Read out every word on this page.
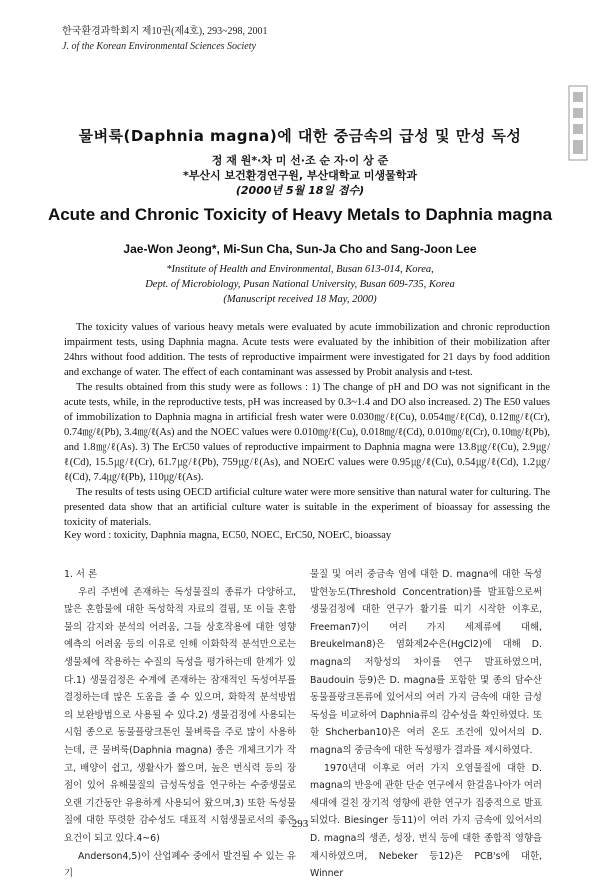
한국환경과학회지 제10권(제4호), 293~298, 2001
J. of the Korean Environmental Sciences Society
물벼룩(Daphnia magna)에 대한 중금속의 급성 및 만성 독성
정 재 원*·차 미 선·조 순 자·이 상 준
*부산시 보건환경연구원, 부산대학교 미생물학과
(2000년 5월 18일 접수)
Acute and Chronic Toxicity of Heavy Metals to Daphnia magna
Jae-Won Jeong*, Mi-Sun Cha, Sun-Ja Cho and Sang-Joon Lee
*Institute of Health and Environmental, Busan 613-014, Korea,
Dept. of Microbiology, Pusan National University, Busan 609-735, Korea
(Manuscript received 18 May, 2000)

The toxicity values of various heavy metals were evaluated by acute immobilization and chronic reproduction impairment tests, using Daphnia magna. Acute tests were evaluated by the inhibition of their mobilization after 24hrs without food addition. The tests of reproductive impairment were investigated for 21 days by food addition and exchange of water. The effect of each contaminant was assessed by Probit analysis and t-test.

The results obtained from this study were as follows : 1) The change of pH and DO was not significant in the acute tests, while, in the reproductive tests, pH was increased by 0.3~1.4 and DO also increased. 2) The E50 values of immobilization to Daphnia magna in artificial fresh water were 0.030㎎/ℓ(Cu), 0.054㎎/ℓ(Cd), 0.12㎎/ℓ(Cr), 0.74㎎/ℓ(Pb), 3.4㎎/ℓ(As) and the NOEC values were 0.010㎎/ℓ(Cu), 0.018㎎/ℓ(Cd), 0.010㎎/ℓ(Cr), 0.10㎎/ℓ(Pb), and 1.8㎎/ℓ(As). 3) The ErC50 values of reproductive impairment to Daphnia magna were 13.8㎍/ℓ(Cu), 2.9㎍/ℓ(Cd), 15.5㎍/ℓ(Cr), 61.7㎍/ℓ(Pb), 759㎍/ℓ(As), and NOErC values were 0.95㎍/ℓ(Cu), 0.54㎍/ℓ(Cd), 1.2㎍/ℓ(Cd), 7.4㎍/ℓ(Pb), 110㎍/ℓ(As).

The results of tests using OECD artificial culture water were more sensitive than natural water for culturing. The presented data show that an artificial culture water is suitable in the experiment of bioassay for assessing the toxicity of materials.

Key word : toxicity, Daphnia magna, EC50, NOEC, ErC50, NOErC, bioassay

1. 서 론

우리 주변에 존재하는 독성물질의 종류가 다양하고, 많은 혼합물에 대한 독성학적 자료의 결핍, 또 이들 혼합물의 감지와 분석의 어려움, 그들 상호작용에 대한 영향 예측의 어려움 등의 이유로 인해 이화학적 분석만으로는 생물체에 작용하는 수질의 독성을 평가하는데 한계가 있다.1) 생물검정은 수계에 존재하는 잠재적인 독성여부를 결정하는데 많은 도움을 줄 수 있으며, 화학적 분석방법의 보완방법으로 사용될 수 있다.2) 생물검정에 사용되는 시험 종으로 동물플랑크톤인 물벼룩을 주로 많이 사용하는데, 큰 물벼룩(Daphnia magna) 종은 개체크기가 작고, 배양이 쉽고, 생활사가 짧으며, 높은 번식력 등의 장점이 있어 유해물질의 급성독성을 연구하는 수중생물로 오랜 기간동안 유용하게 사용되어 왔으며,3) 또한 독성물질에 대한 뚜렷한 감수성도 대표적 시험생물로서의 좋은 요건이 되고 있다.4~6)

Anderson4,5)이 산업폐수 중에서 발견될 수 있는 유기

물질 및 여러 중금속 염에 대한 D. magna에 대한 독성발현농도(Threshold Concentration)를 발표함으로써 생물검정에 대한 연구가 활기를 띠기 시작한 이후로, Freeman7)이 여러 가지 세제류에 대해, Breukelman8)은 염화제2수은(HgCl2)에 대해 D. magna의 저항성의 차이를 연구 발표하였으며, Baudouin 등9)은 D. magna를 포함한 몇 종의 담수산 동물플랑크톤류에 있어서의 여러 가지 금속에 대한 급성 독성을 비교하여 Daphnia류의 감수성을 확인하였다. 또한 Shcherban10)은 여러 온도 조건에 있어서의 D. magna의 중금속에 대한 독성평가 결과를 제시하였다.

1970년대 이후로 여러 가지 오염물질에 대한 D. magna의 반응에 관한 단순 연구에서 한걸음나아가 여러 세대에 걸친 장기적 영향에 관한 연구가 집중적으로 발표되었다. Biesinger 등11)이 여러 가지 금속에 있어서의 D. magna의 생존, 성장, 번식 등에 대한 종합적 영향을 제시하였으며, Nebeker 등12)은 PCB's에 대한, Winner

293
